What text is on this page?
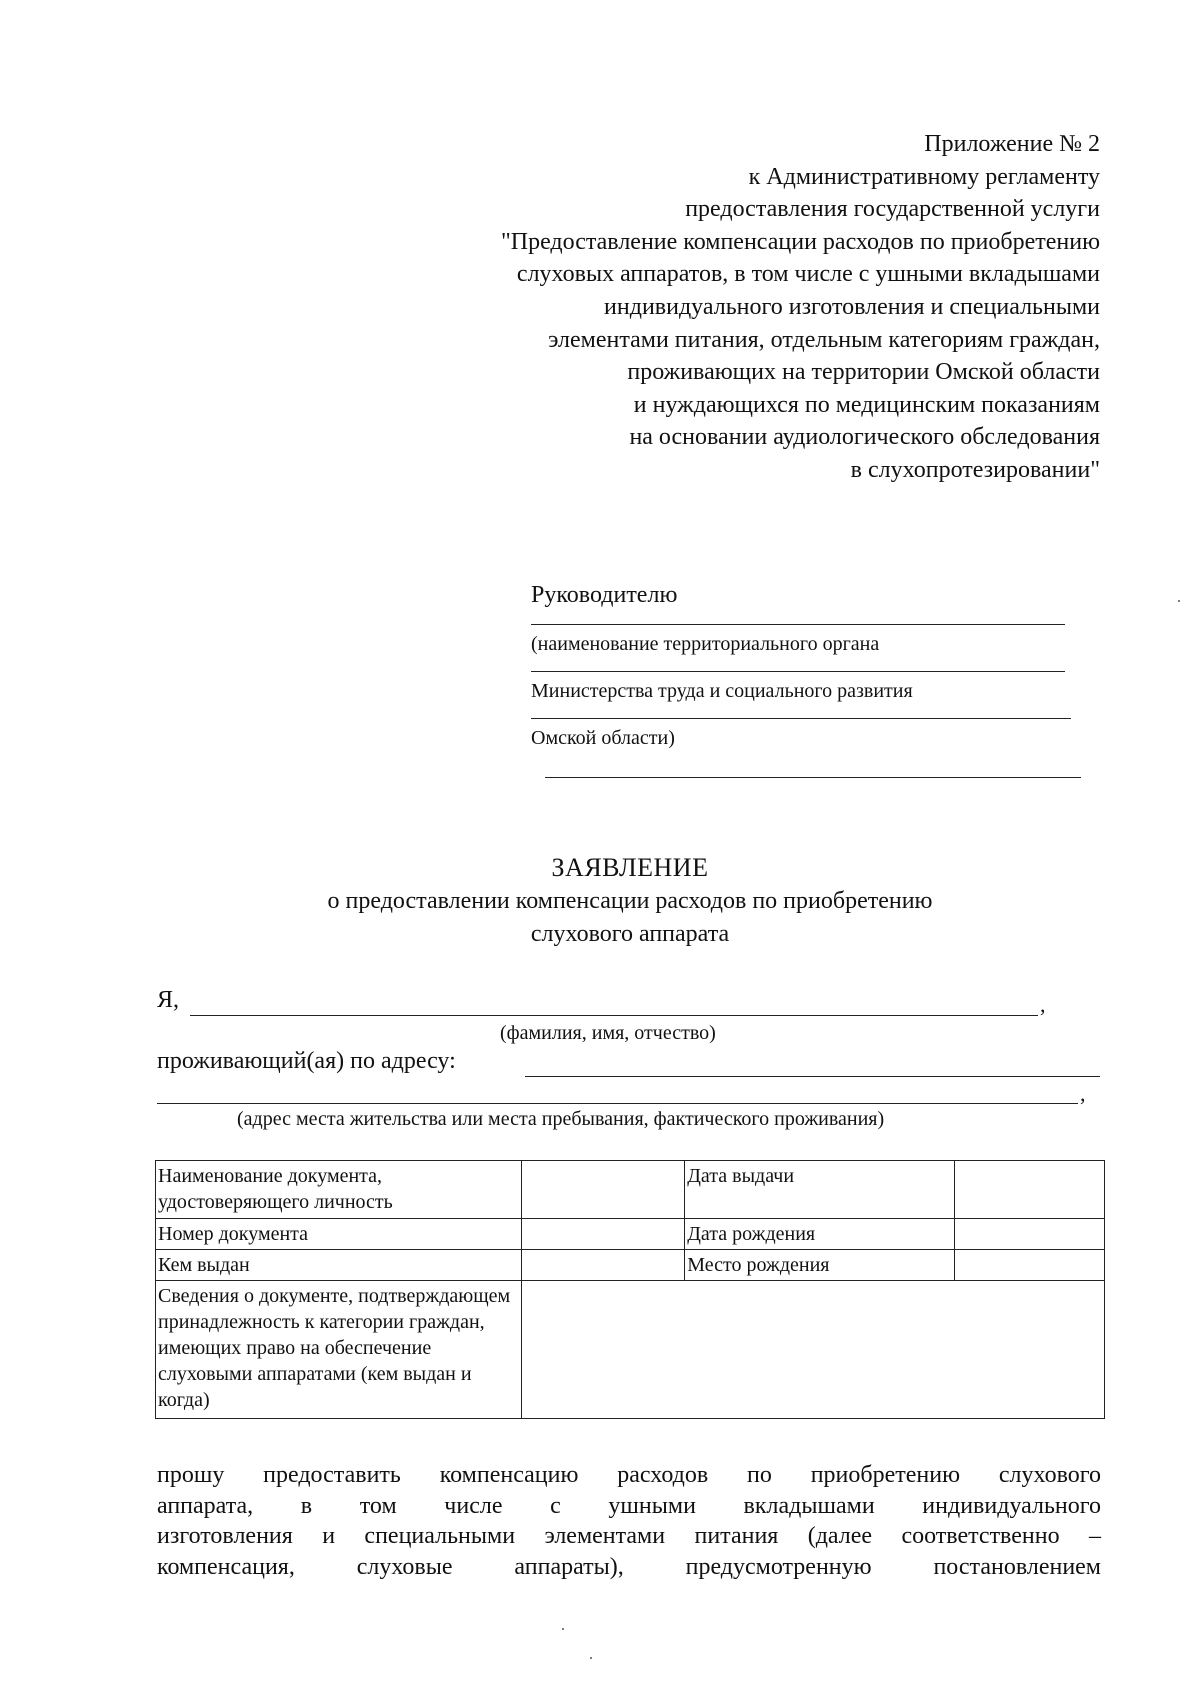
Приложение № 2
к Административному регламенту
предоставления государственной услуги
"Предоставление компенсации расходов по приобретению
слуховых аппаратов, в том числе с ушными вкладышами
индивидуального изготовления и специальными
элементами питания, отдельным категориям граждан,
проживающих на территории Омской области
и нуждающихся по медицинским показаниям
на основании аудиологического обследования
в слухопротезировании"
Руководителю
(наименование территориального органа
Министерства труда и социального развития
Омской области)
ЗАЯВЛЕНИЕ
о предоставлении компенсации расходов по приобретению
слухового аппарата
Я,	,
(фамилия, имя, отчество)
проживающий(ая) по адресу:
,
(адрес места жительства или места пребывания, фактического проживания)
Наименование документа, удостоверяющего личность		Дата выдачи	
Номер документа		Дата рождения	
Кем выдан		Место рождения	
Сведения о документе, подтверждающем принадлежность к категории граждан, имеющих право на обеспечение слуховыми аппаратами (кем выдан и когда)			
прошу предоставить компенсацию расходов по приобретению слухового
аппарата, в том числе с ушными вкладышами индивидуального
изготовления и специальными элементами питания (далее соответственно –
компенсация, слуховые аппараты), предусмотренную постановлением
